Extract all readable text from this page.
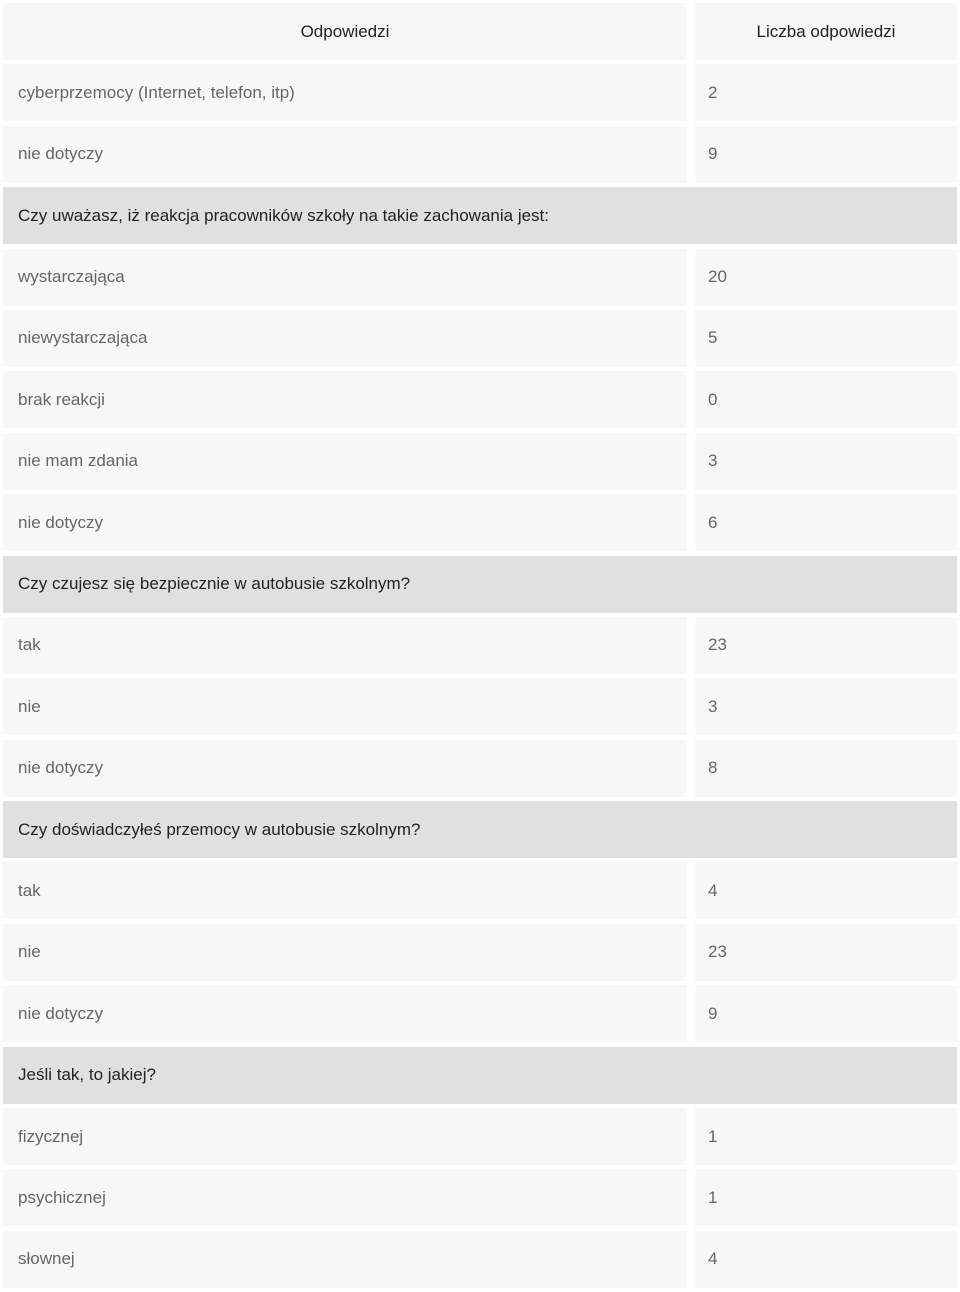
Odpowiedzi	Liczba odpowiedzi
cyberprzemocy (Internet, telefon, itp)	2
nie dotyczy	9
Czy uważasz, iż reakcja pracowników szkoły na takie zachowania jest:
wystarczająca	20
niewystarczająca	5
brak reakcji	0
nie mam zdania	3
nie dotyczy	6
Czy czujesz się bezpiecznie w autobusie szkolnym?
tak	23
nie	3
nie dotyczy	8
Czy doświadczyłeś przemocy w autobusie szkolnym?
tak	4
nie	23
nie dotyczy	9
Jeśli tak, to jakiej?
fizycznej	1
psychicznej	1
słownej	4
